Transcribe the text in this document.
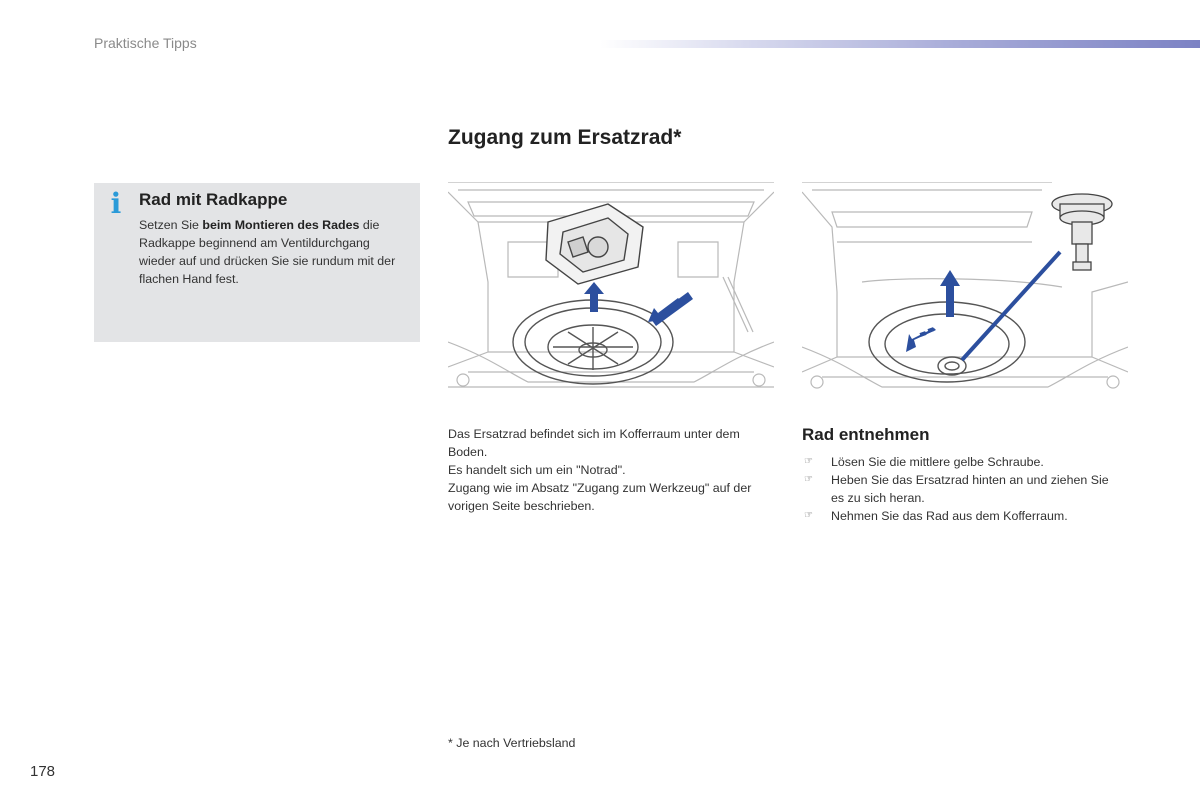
Praktische Tipps
i Rad mit Radkappe
Setzen Sie beim Montieren des Rades die Radkappe beginnend am Ventildurchgang wieder auf und drücken Sie sie rundum mit der flachen Hand fest.
Zugang zum Ersatzrad*

Das Ersatzrad befindet sich im Kofferraum unter dem Boden.

Es handelt sich um ein "Notrad".

Zugang wie im Absatz "Zugang zum Werkzeug" auf der vorigen Seite beschrieben.

Rad entnehmen
☞ Lösen Sie die mittlere gelbe Schraube.
☞ Heben Sie das Ersatzrad hinten an und ziehen Sie es zu sich heran.
☞ Nehmen Sie das Rad aus dem Kofferraum.
* Je nach Vertriebsland
178
